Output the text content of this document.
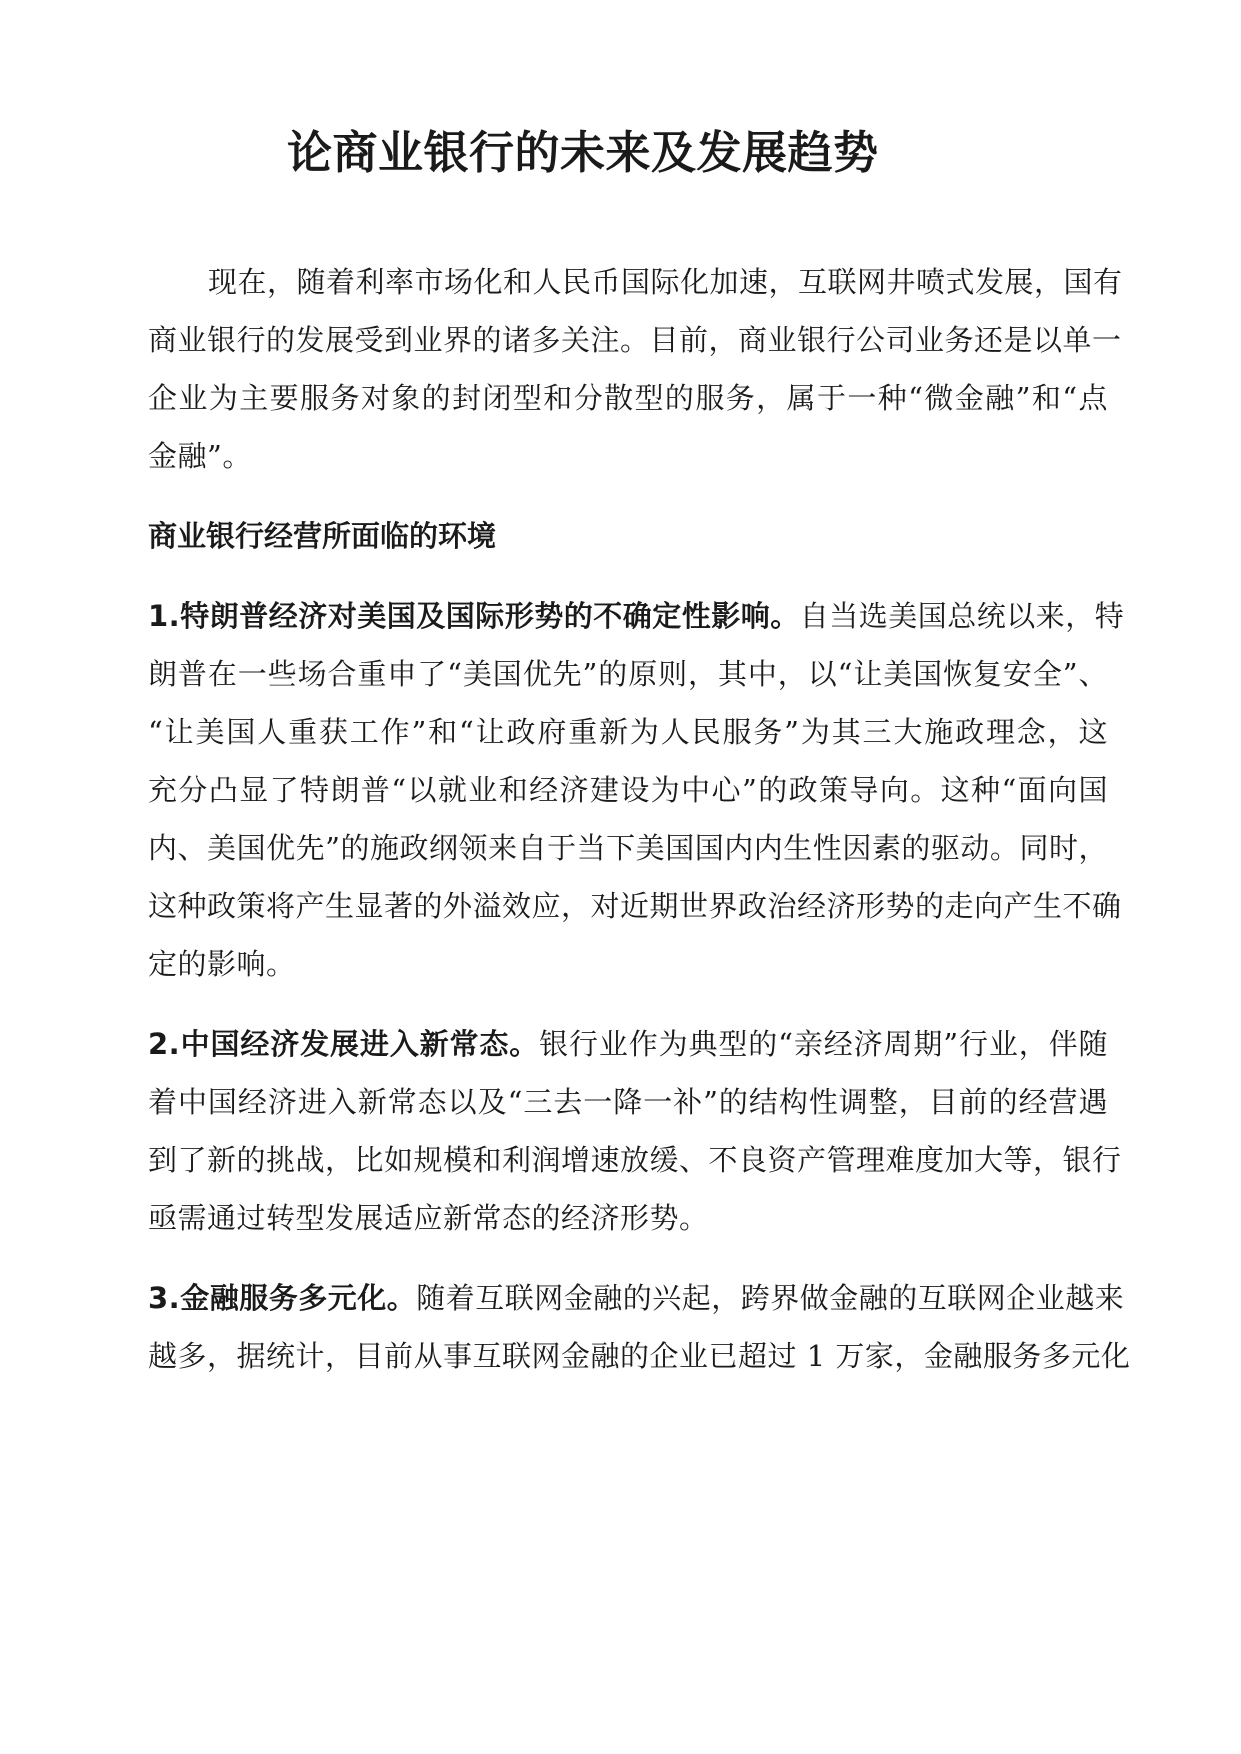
论商业银行的未来及发展趋势
现在，随着利率市场化和人民币国际化加速，互联网井喷式发展，国有
商业银行的发展受到业界的诸多关注。目前，商业银行公司业务还是以单一
企业为主要服务对象的封闭型和分散型的服务，属于一种“微金融”和“点
金融”。
商业银行经营所面临的环境
1.特朗普经济对美国及国际形势的不确定性影响。自当选美国总统以来，特
朗普在一些场合重申了“美国优先”的原则，其中，以“让美国恢复安全”、
“让美国人重获工作”和“让政府重新为人民服务”为其三大施政理念，这
充分凸显了特朗普“以就业和经济建设为中心”的政策导向。这种“面向国
内、美国优先”的施政纲领来自于当下美国国内内生性因素的驱动。同时，
这种政策将产生显著的外溢效应，对近期世界政治经济形势的走向产生不确
定的影响。
2.中国经济发展进入新常态。银行业作为典型的“亲经济周期”行业，伴随
着中国经济进入新常态以及“三去一降一补”的结构性调整，目前的经营遇
到了新的挑战，比如规模和利润增速放缓、不良资产管理难度加大等，银行
亟需通过转型发展适应新常态的经济形势。
3.金融服务多元化。随着互联网金融的兴起，跨界做金融的互联网企业越来
越多，据统计，目前从事互联网金融的企业已超过 1 万家，金融服务多元化
